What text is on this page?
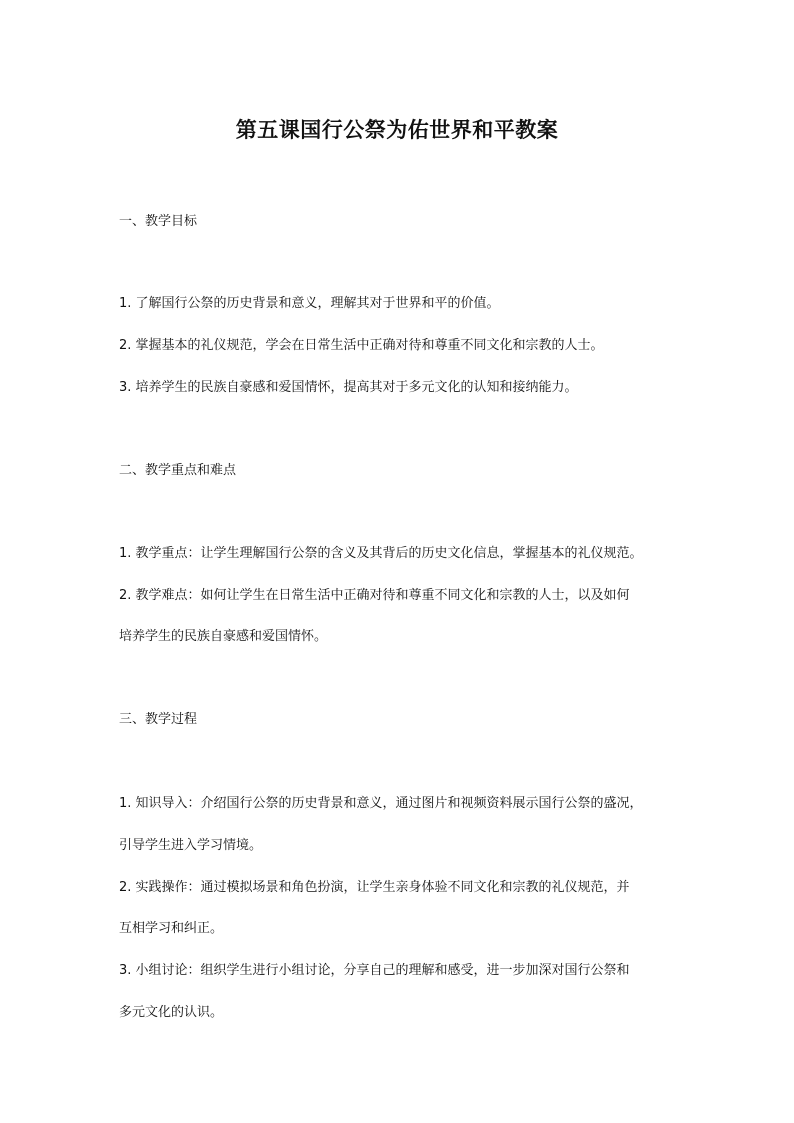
第五课国行公祭为佑世界和平教案
一、教学目标
1. 了解国行公祭的历史背景和意义，理解其对于世界和平的价值。
2. 掌握基本的礼仪规范，学会在日常生活中正确对待和尊重不同文化和宗教的人士。
3. 培养学生的民族自豪感和爱国情怀，提高其对于多元文化的认知和接纳能力。
二、教学重点和难点
1. 教学重点：让学生理解国行公祭的含义及其背后的历史文化信息，掌握基本的礼仪规范。
2. 教学难点：如何让学生在日常生活中正确对待和尊重不同文化和宗教的人士，以及如何
培养学生的民族自豪感和爱国情怀。
三、教学过程
1. 知识导入：介绍国行公祭的历史背景和意义，通过图片和视频资料展示国行公祭的盛况，
引导学生进入学习情境。
2. 实践操作：通过模拟场景和角色扮演，让学生亲身体验不同文化和宗教的礼仪规范，并
互相学习和纠正。
3. 小组讨论：组织学生进行小组讨论，分享自己的理解和感受，进一步加深对国行公祭和
多元文化的认识。
